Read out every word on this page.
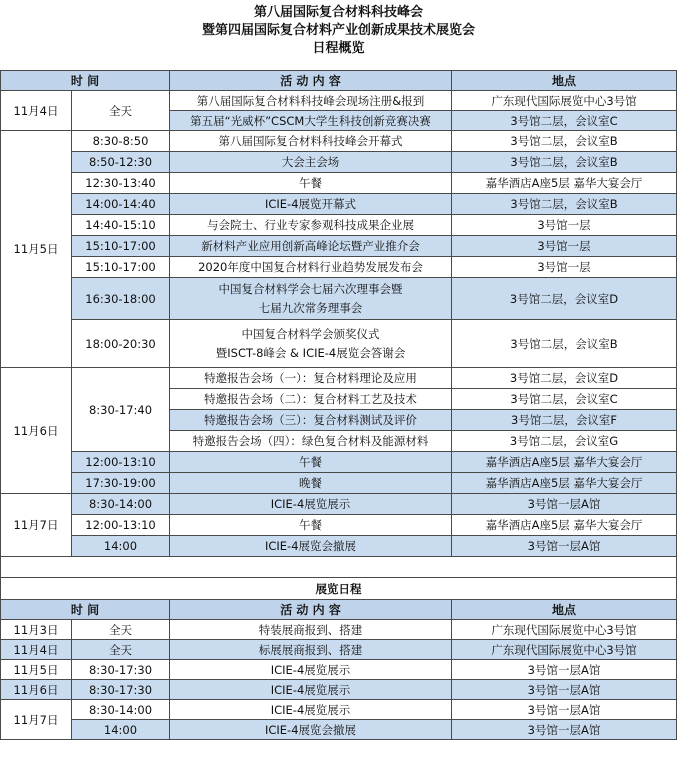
第八届国际复合材料科技峰会
暨第四届国际复合材料产业创新成果技术展览会
日程概览
时 间		活 动 内 容	地点
11月4日	全天	第八届国际复合材料科技峰会现场注册&报到	广东现代国际展览中心3号馆
		第五届“光威杯”CSCM大学生科技创新竞赛决赛	3号馆二层，会议室C
11月5日	8:30-8:50	第八届国际复合材料科技峰会开幕式	3号馆二层，会议室B
	8:50-12:30	大会主会场	3号馆二层，会议室B
	12:30-13:40	午餐	嘉华酒店A座5层 嘉华大宴会厅
	14:00-14:40	ICIE-4展览开幕式	3号馆二层，会议室B
	14:40-15:10	与会院士、行业专家参观科技成果企业展	3号馆一层
	15:10-17:00	新材料产业应用创新高峰论坛暨产业推介会	3号馆一层
	15:10-17:00	2020年度中国复合材料行业趋势发展发布会	3号馆一层
	16:30-18:00	中国复合材料学会七届六次理事会暨
七届九次常务理事会	3号馆二层，会议室D
	18:00-20:30	中国复合材料学会颁奖仪式
暨ISCT-8峰会 & ICIE-4展览会答谢会	3号馆二层，会议室B
11月6日	8:30-17:40	特邀报告会场（一）：复合材料理论及应用	3号馆二层，会议室D
		特邀报告会场（二）：复合材料工艺及技术	3号馆二层，会议室C
		特邀报告会场（三）：复合材料测试及评价	3号馆二层，会议室F
		特邀报告会场（四）：绿色复合材料及能源材料	3号馆二层，会议室G
	12:00-13:10	午餐	嘉华酒店A座5层 嘉华大宴会厅
	17:30-19:00	晚餐	嘉华酒店A座5层 嘉华大宴会厅
11月7日	8:30-14:00	ICIE-4展览展示	3号馆一层A馆
	12:00-13:10	午餐	嘉华酒店A座5层 嘉华大宴会厅
	14:00	ICIE-4展览会撤展	3号馆一层A馆

展览日程			
时 间		活 动 内 容	地点
11月3日	全天	特装展商报到、搭建	广东现代国际展览中心3号馆
11月4日	全天	标展展商报到、搭建	广东现代国际展览中心3号馆
11月5日	8:30-17:30	ICIE-4展览展示	3号馆一层A馆
11月6日	8:30-17:30	ICIE-4展览展示	3号馆一层A馆
11月7日	8:30-14:00	ICIE-4展览展示	3号馆一层A馆
	14:00	ICIE-4展览会撤展	3号馆一层A馆
